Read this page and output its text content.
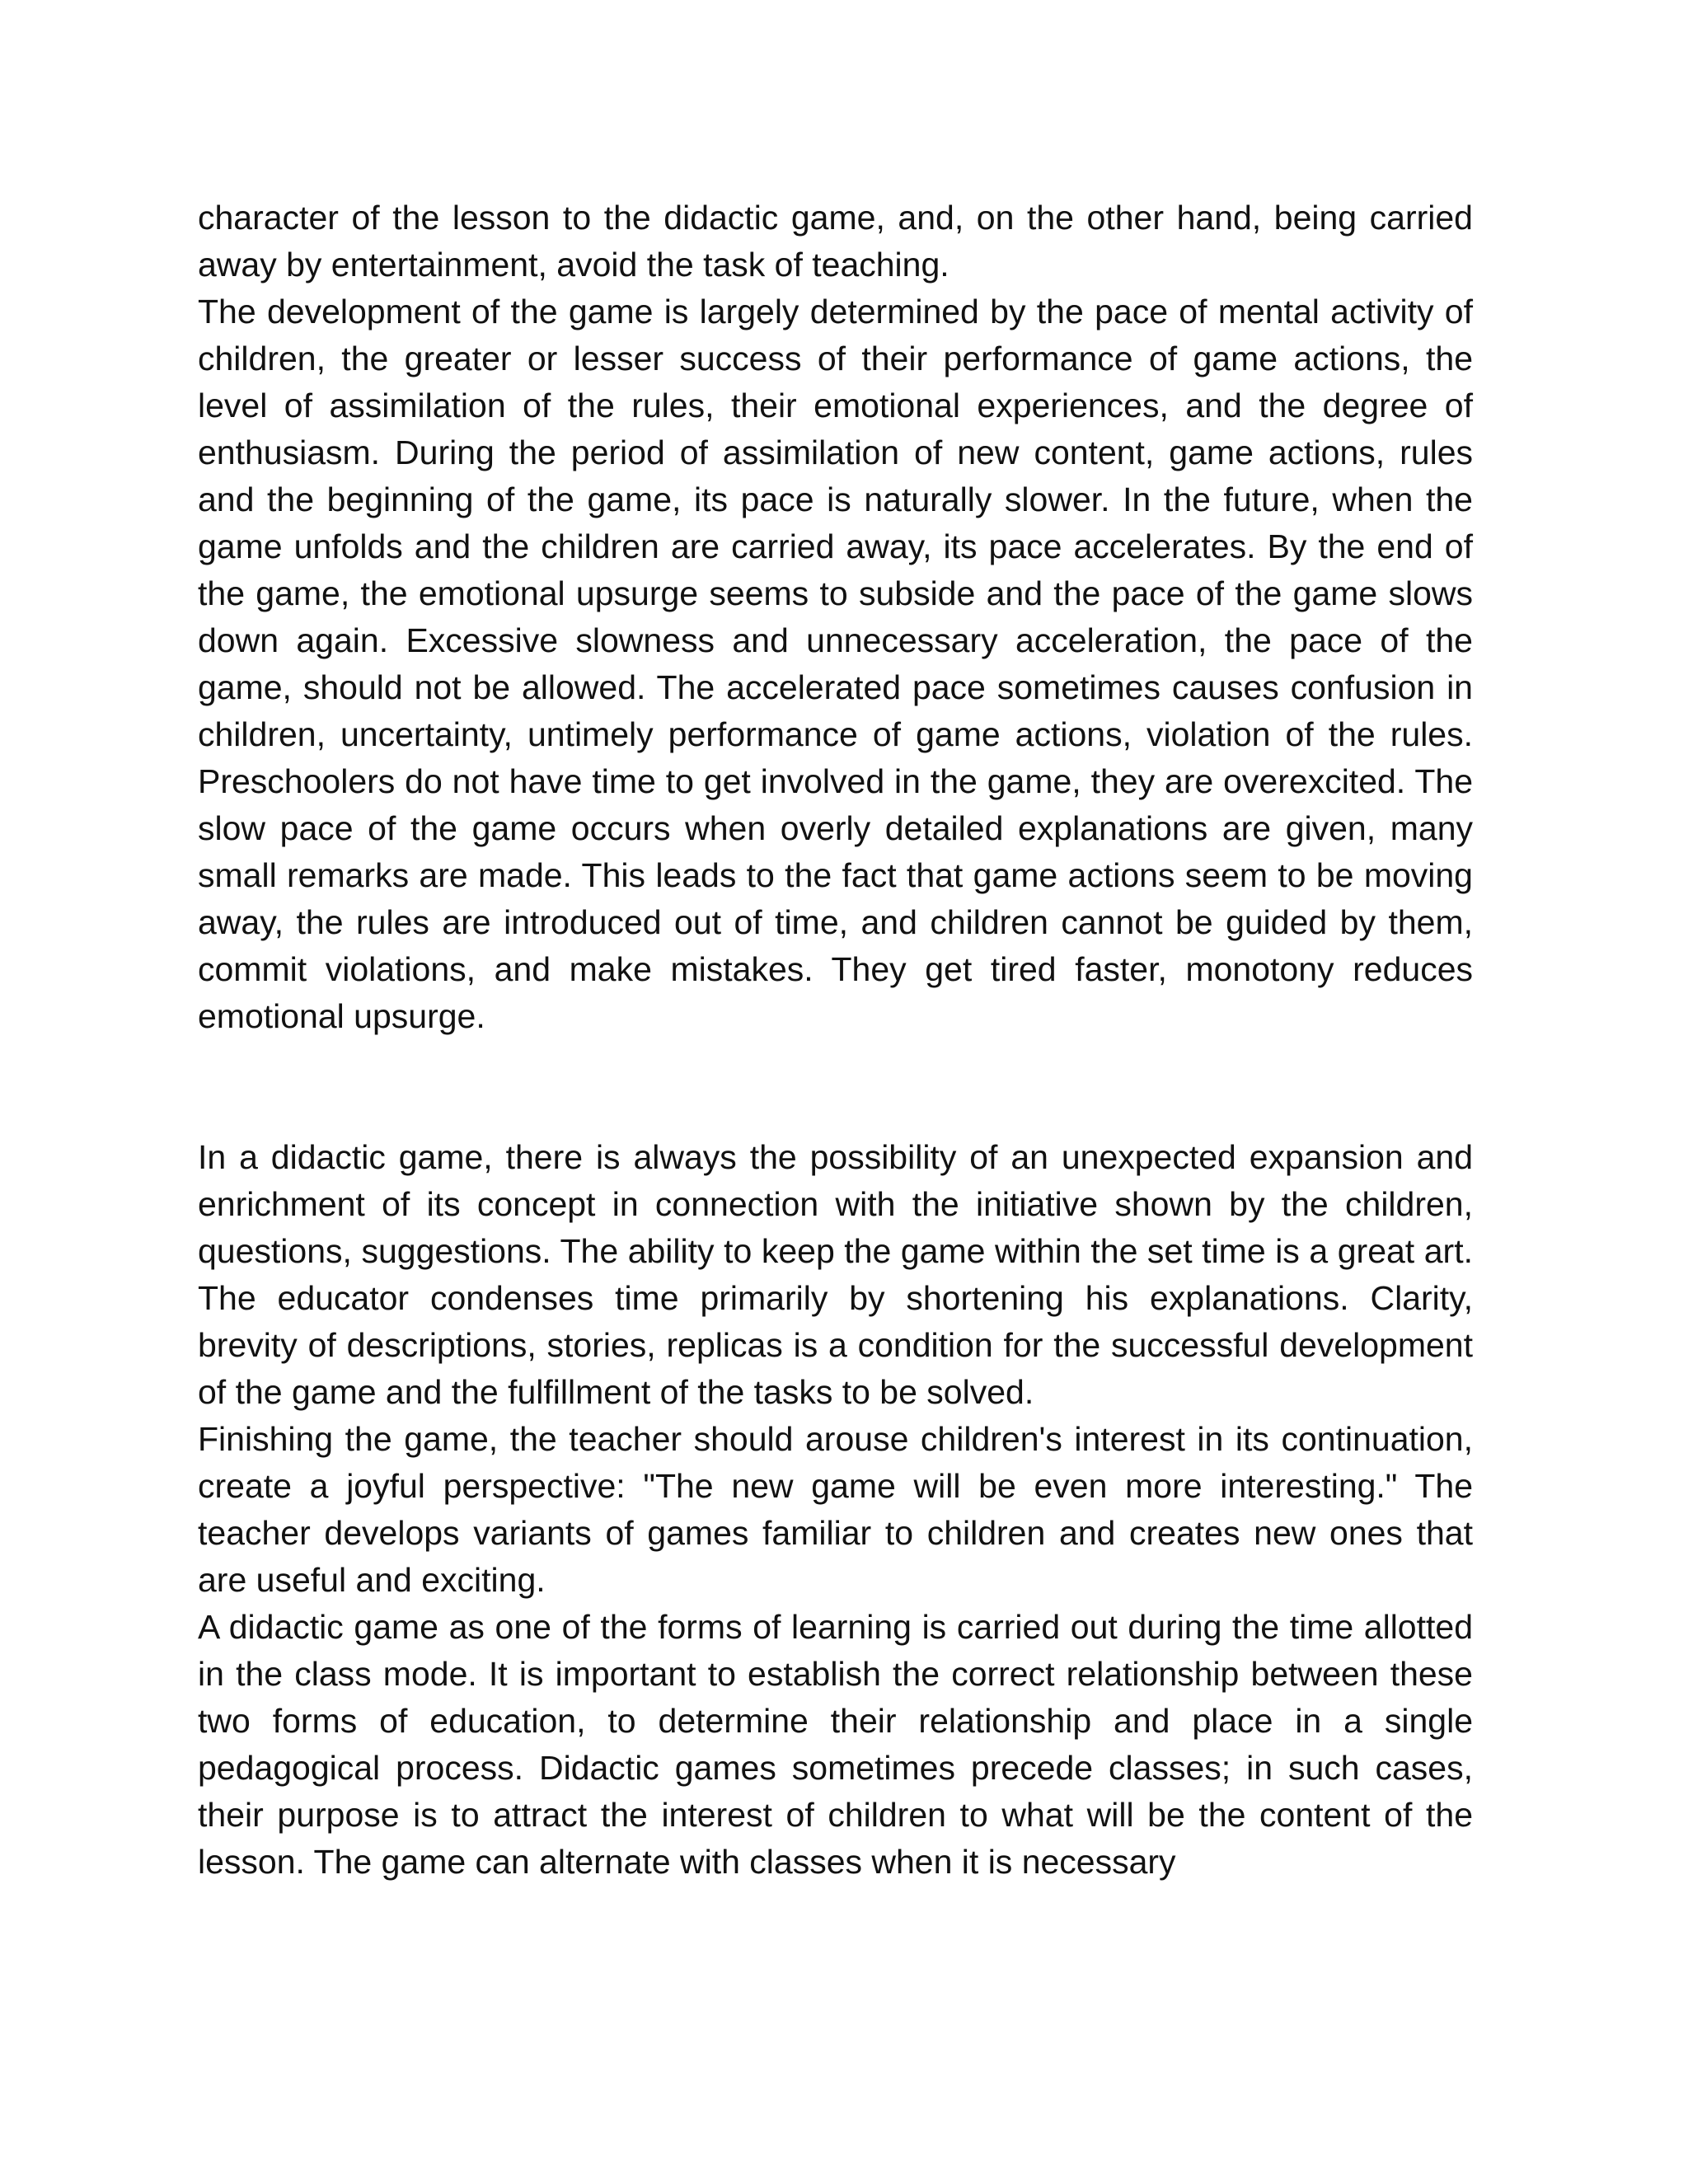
character of the lesson to the didactic game, and, on the other hand, being carried away by entertainment, avoid the task of teaching.

The development of the game is largely determined by the pace of mental activity of children, the greater or lesser success of their performance of game actions, the level of assimilation of the rules, their emotional experiences, and the degree of enthusiasm. During the period of assimilation of new content, game actions, rules and the beginning of the game, its pace is naturally slower. In the future, when the game unfolds and the children are carried away, its pace accelerates. By the end of the game, the emotional upsurge seems to subside and the pace of the game slows down again. Excessive slowness and unnecessary acceleration, the pace of the game, should not be allowed. The accelerated pace sometimes causes confusion in children, uncertainty, untimely performance of game actions, violation of the rules. Preschoolers do not have time to get involved in the game, they are overexcited. The slow pace of the game occurs when overly detailed explanations are given, many small remarks are made. This leads to the fact that game actions seem to be moving away, the rules are introduced out of time, and children cannot be guided by them, commit violations, and make mistakes. They get tired faster, monotony reduces emotional upsurge.

In a didactic game, there is always the possibility of an unexpected expansion and enrichment of its concept in connection with the initiative shown by the children, questions, suggestions. The ability to keep the game within the set time is a great art. The educator condenses time primarily by shortening his explanations. Clarity, brevity of descriptions, stories, replicas is a condition for the successful development of the game and the fulfillment of the tasks to be solved.

Finishing the game, the teacher should arouse children's interest in its continuation, create a joyful perspective: "The new game will be even more interesting." The teacher develops variants of games familiar to children and creates new ones that are useful and exciting.

A didactic game as one of the forms of learning is carried out during the time allotted in the class mode. It is important to establish the correct relationship between these two forms of education, to determine their relationship and place in a single pedagogical process. Didactic games sometimes precede classes; in such cases, their purpose is to attract the interest of children to what will be the content of the lesson. The game can alternate with classes when it is necessary
